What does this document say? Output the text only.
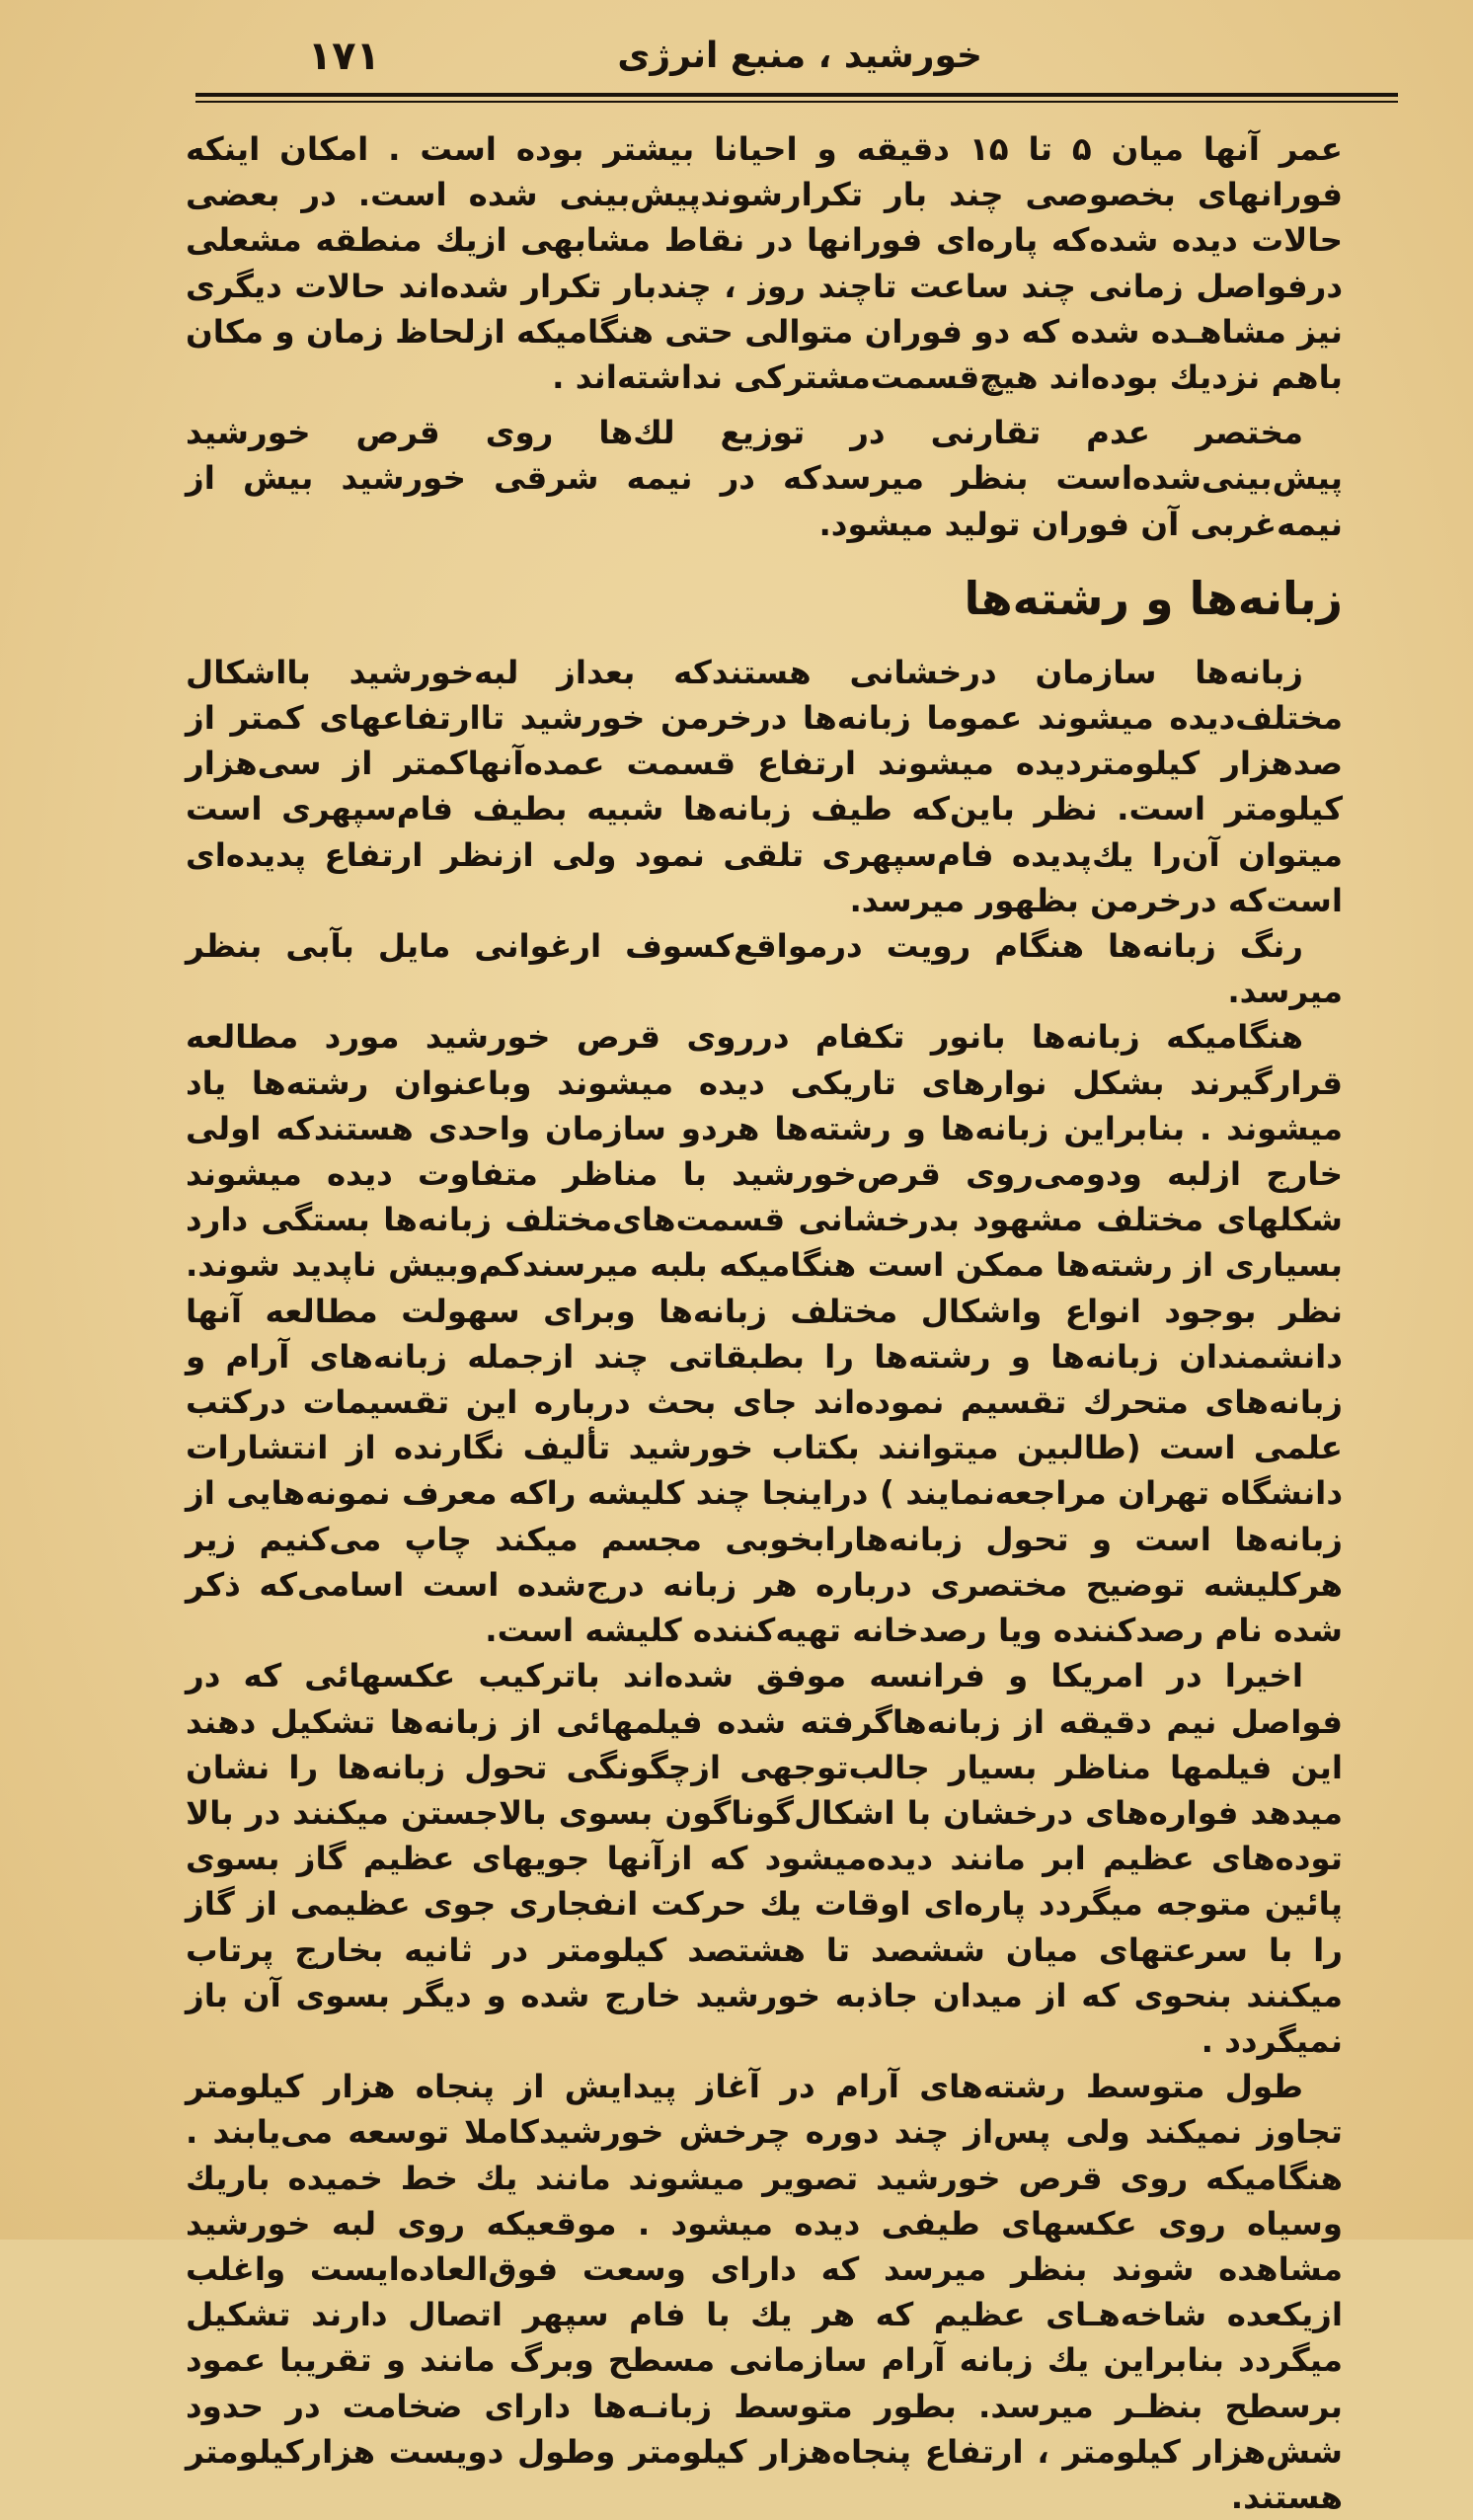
۱۷۱	خورشید ، منبع انرژی

عمر آنها میان ۵ تا ۱۵ دقیقه و احیانا بیشتر بوده است . امکان اینکه فورانهای بخصوصی چند بار تکرارشوندپیش‌بینی شده است. در بعضی حالات دیده شده‌که پاره‌ای فورانها در نقاط مشابهی ازیك منطقه مشعلی درفواصل زمانی چند ساعت تاچند روز ، چندبار تکرار شده‌اند حالات دیگری نیز مشاهـده شده که دو فوران متوالی حتی هنگامیکه ازلحاظ زمان و مکان باهم نزدیك بوده‌اند هیچ‌قسمت‌مشترکی نداشته‌اند .

مختصر عدم تقارنی در توزیع لك‌ها روی قرص خورشید پیش‌بینی‌شده‌است بنظر میرسدکه در نیمه شرقی خورشید بیش از نیمه‌غربی آن فوران تولید میشود.

زبانه‌ها و رشته‌ها

زبانه‌ها سازمان درخشانی هستندکه بعداز لبه‌خورشید بااشکال مختلف‌دیده میشوند عموما زبانه‌ها درخرمن خورشید تاارتفاعهای کمتر از صدهزار کیلومتردیده میشوند ارتفاع قسمت عمده‌آنهاکمتر از سی‌هزار کیلومتر است. نظر باین‌که طیف زبانه‌ها شبیه بطیف فام‌سپهری است میتوان آن‌را یك‌پدیده فام‌سپهری تلقی نمود ولی ازنظر ارتفاع پدیده‌ای است‌که درخرمن بظهور میرسد.

رنگ زبانه‌ها هنگام رویت درمواقع‌کسوف ارغوانی مایل بآبی بنظر میرسد.

هنگامیکه زبانه‌ها بانور تکفام درروی قرص خورشید مورد مطالعه قرارگیرند بشکل نوارهای تاریکی دیده میشوند وباعنوان رشته‌ها یاد میشوند . بنابراین زبانه‌ها و رشته‌ها هردو سازمان واحدی هستندکه اولی خارج ازلبه ودومی‌روی قرص‌خورشید با مناظر متفاوت دیده میشوند شکلهای مختلف مشهود بدرخشانی قسمت‌های‌مختلف زبانه‌ها بستگی دارد بسیاری از رشته‌ها ممکن است هنگامیکه بلبه میرسندکم‌وبیش ناپدید شوند. نظر بوجود انواع واشکال مختلف زبانه‌ها وبرای سهولت مطالعه آنها دانشمندان زبانه‌ها و رشته‌ها را بطبقاتی چند ازجمله زبانه‌های آرام و زبانه‌های متحرك تقسیم نموده‌اند جای بحث درباره این تقسیمات درکتب علمی است (طالبین میتوانند بکتاب خورشید تألیف نگارنده از انتشارات دانشگاه تهران مراجعه‌نمایند ) دراینجا چند کلیشه راکه معرف نمونه‌هایی از زبانه‌ها است و تحول زبانه‌هارابخوبی مجسم میکند چاپ می‌کنیم زیر هرکلیشه توضیح مختصری درباره هر زبانه درج‌شده است اسامی‌که ذکر شده نام رصدکننده ویا رصدخانه تهیه‌کننده کلیشه است.

اخیرا در امریکا و فرانسه موفق شده‌اند باترکیب عکسهائی که در فواصل نیم دقیقه از زبانه‌هاگرفته شده فیلمهائی از زبانه‌ها تشکیل دهند این فیلمها مناظر بسیار جالب‌توجهی ازچگونگی تحول زبانه‌ها را نشان میدهد فواره‌های درخشان با اشکال‌گوناگون بسوی بالاجستن میکنند در بالا توده‌های عظیم ابر مانند دیده‌میشود که ازآنها جویهای عظیم گاز بسوی پائین متوجه میگردد پاره‌ای اوقات یك حرکت انفجاری جوی عظیمی از گاز را با سرعتهای میان ششصد تا هشتصد کیلومتر در ثانیه بخارج پرتاب میکنند بنحوی که از میدان جاذبه خورشید خارج شده و دیگر بسوی آن باز نمیگردد .

طول متوسط رشته‌های آرام در آغاز پیدایش از پنجاه هزار کیلومتر تجاوز نمیکند ولی پس‌از چند دوره چرخش خورشیدکاملا توسعه می‌یابند . هنگامیکه روی قرص خورشید تصویر میشوند مانند یك خط خمیده باریك وسیاه روی عکسهای طیفی دیده میشود . موقعیکه روی لبه خورشید مشاهده شوند بنظر میرسد که دارای وسعت فوق‌العاده‌ایست واغلب ازیکعده شاخه‌هـای عظیم که هر یك با فام سپهر اتصال دارند تشکیل میگردد بنابراین یك زبانه آرام سازمانی مسطح وبرگ مانند و تقریبا عمود برسطح بنظـر میرسد. بطور متوسط زبانـه‌ها دارای ضخامت در حدود شش‌هزار کیلومتر ، ارتفاع پنجاه‌هزار کیلومتر وطول دویست هزارکیلومتر هستند.
